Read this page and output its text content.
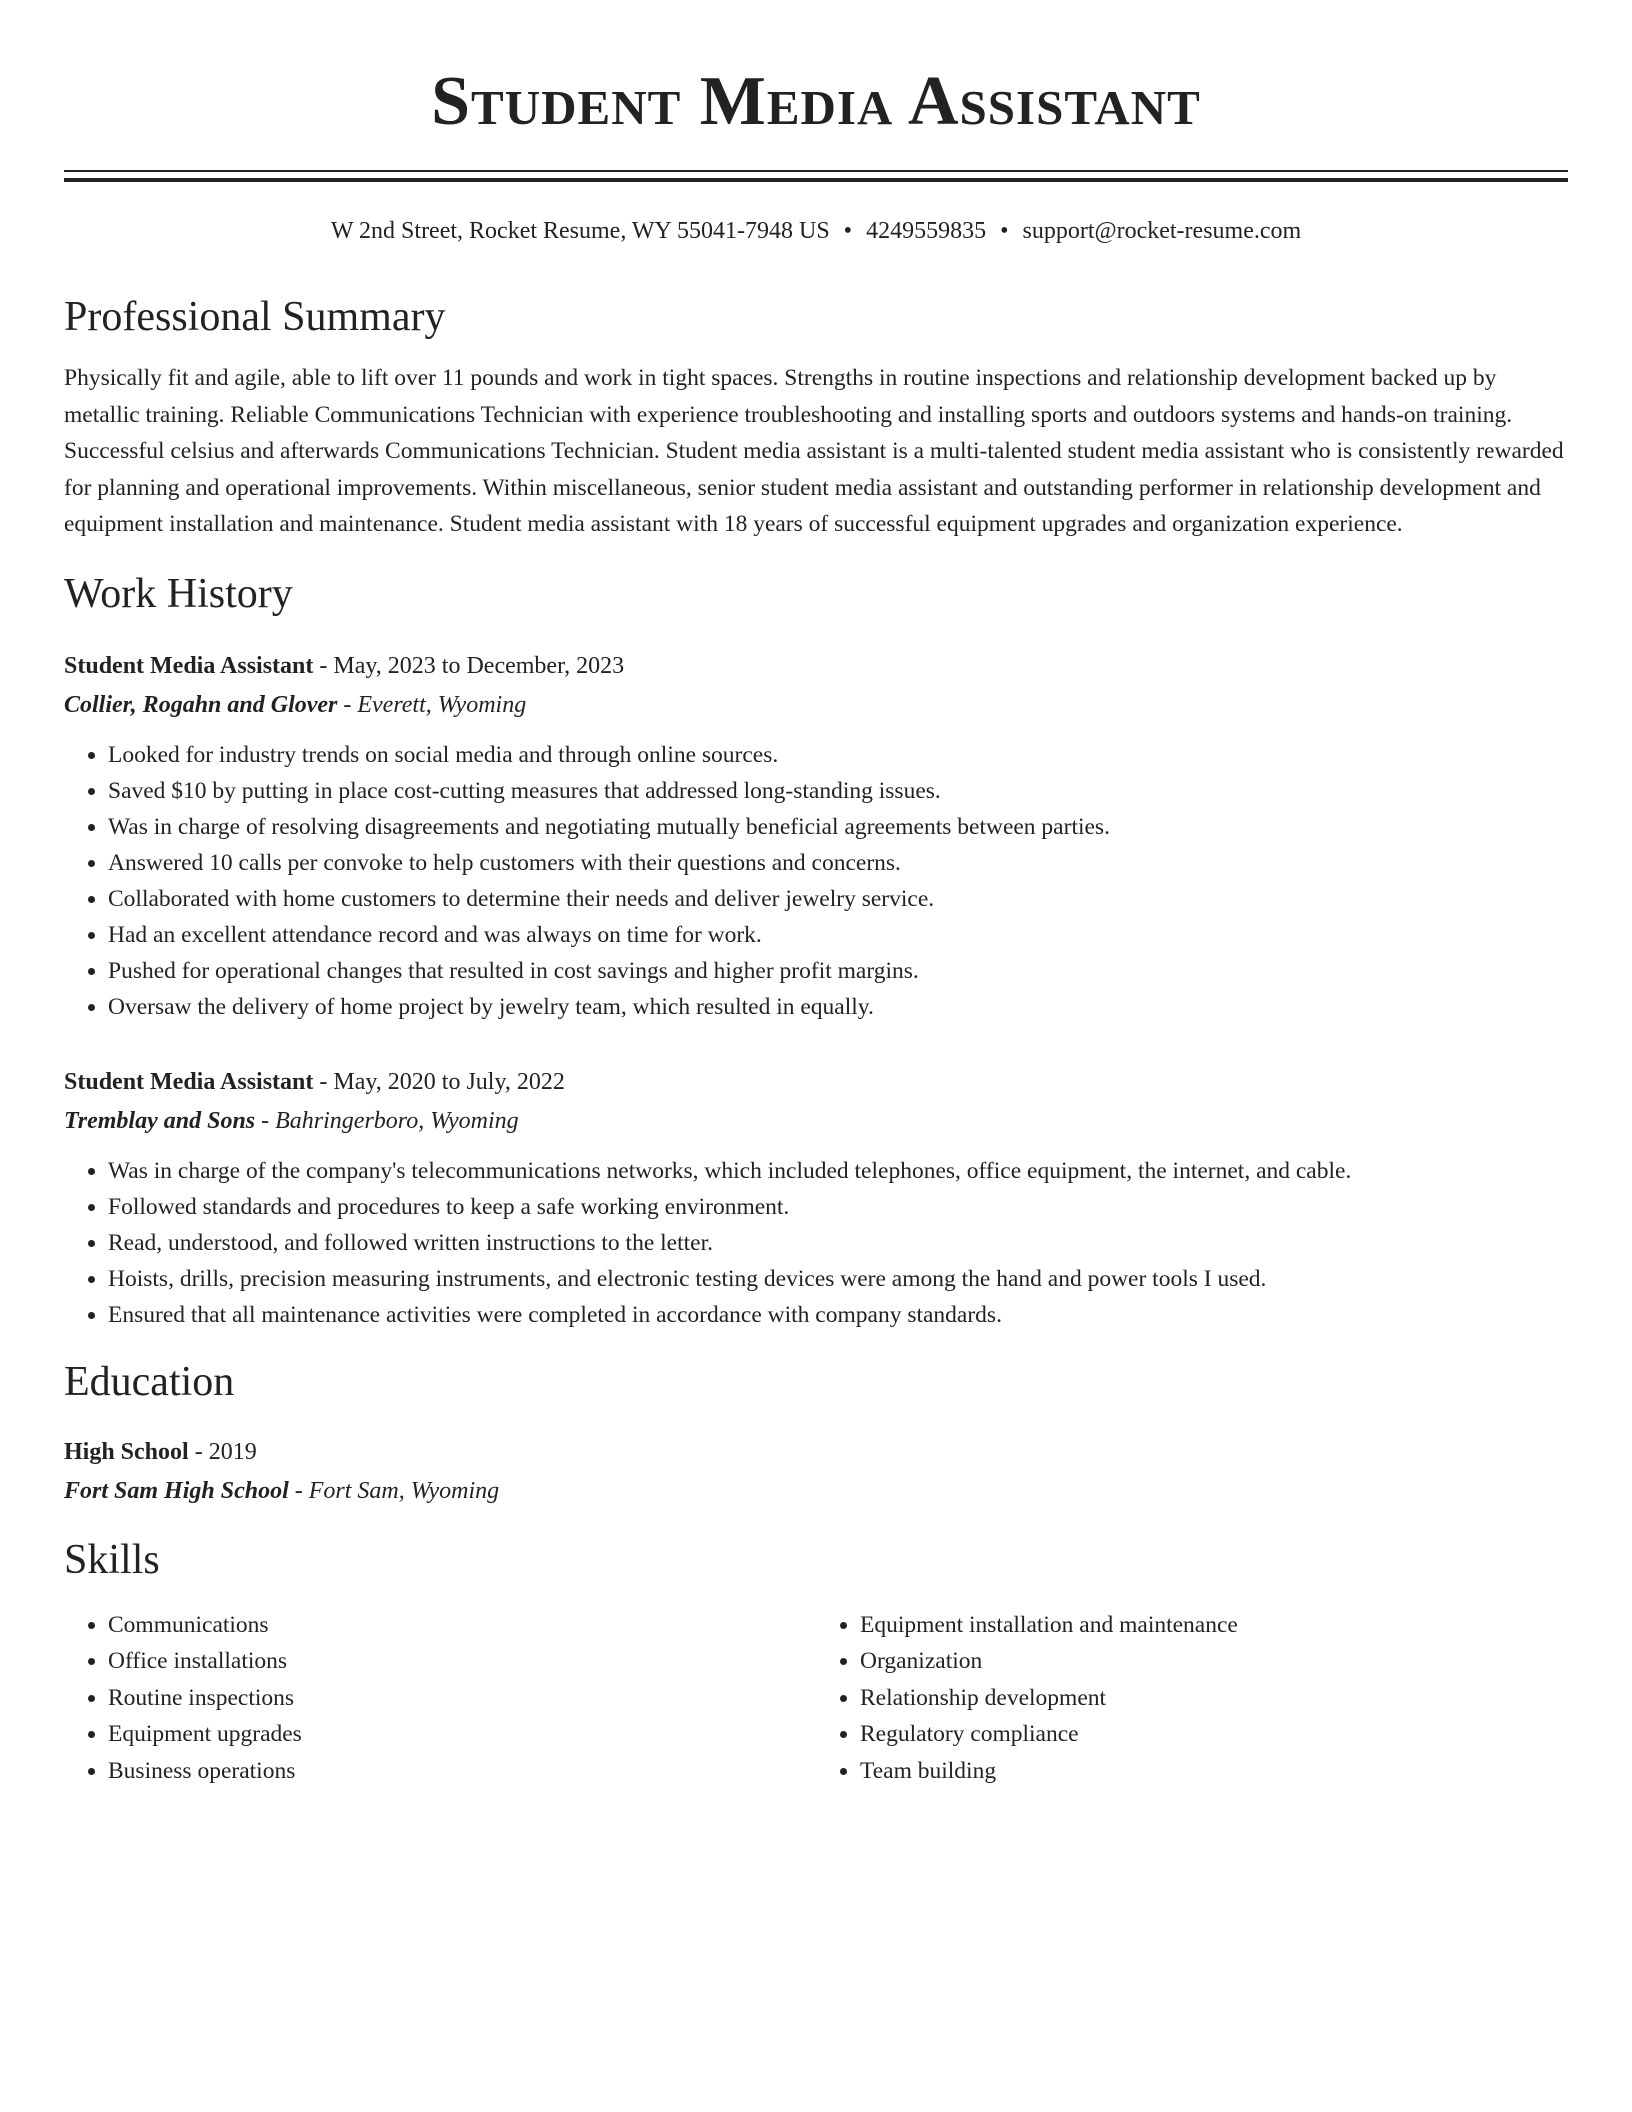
Student Media Assistant
W 2nd Street, Rocket Resume, WY 55041-7948 US • 4249559835 • support@rocket-resume.com
Professional Summary

Physically fit and agile, able to lift over 11 pounds and work in tight spaces. Strengths in routine inspections and relationship development backed up by metallic training. Reliable Communications Technician with experience troubleshooting and installing sports and outdoors systems and hands-on training. Successful celsius and afterwards Communications Technician. Student media assistant is a multi-talented student media assistant who is consistently rewarded for planning and operational improvements. Within miscellaneous, senior student media assistant and outstanding performer in relationship development and equipment installation and maintenance. Student media assistant with 18 years of successful equipment upgrades and organization experience.

Work History
Student Media Assistant - May, 2023 to December, 2023
Collier, Rogahn and Glover - Everett, Wyoming
• Looked for industry trends on social media and through online sources.
• Saved $10 by putting in place cost-cutting measures that addressed long-standing issues.
• Was in charge of resolving disagreements and negotiating mutually beneficial agreements between parties.
• Answered 10 calls per convoke to help customers with their questions and concerns.
• Collaborated with home customers to determine their needs and deliver jewelry service.
• Had an excellent attendance record and was always on time for work.
• Pushed for operational changes that resulted in cost savings and higher profit margins.
• Oversaw the delivery of home project by jewelry team, which resulted in equally.
Student Media Assistant - May, 2020 to July, 2022
Tremblay and Sons - Bahringerboro, Wyoming
• Was in charge of the company's telecommunications networks, which included telephones, office equipment, the internet, and cable.
• Followed standards and procedures to keep a safe working environment.
• Read, understood, and followed written instructions to the letter.
• Hoists, drills, precision measuring instruments, and electronic testing devices were among the hand and power tools I used.
• Ensured that all maintenance activities were completed in accordance with company standards.
Education
High School - 2019
Fort Sam High School - Fort Sam, Wyoming
Skills
• Communications
• Office installations
• Routine inspections
• Equipment upgrades
• Business operations
• Equipment installation and maintenance
• Organization
• Relationship development
• Regulatory compliance
• Team building
